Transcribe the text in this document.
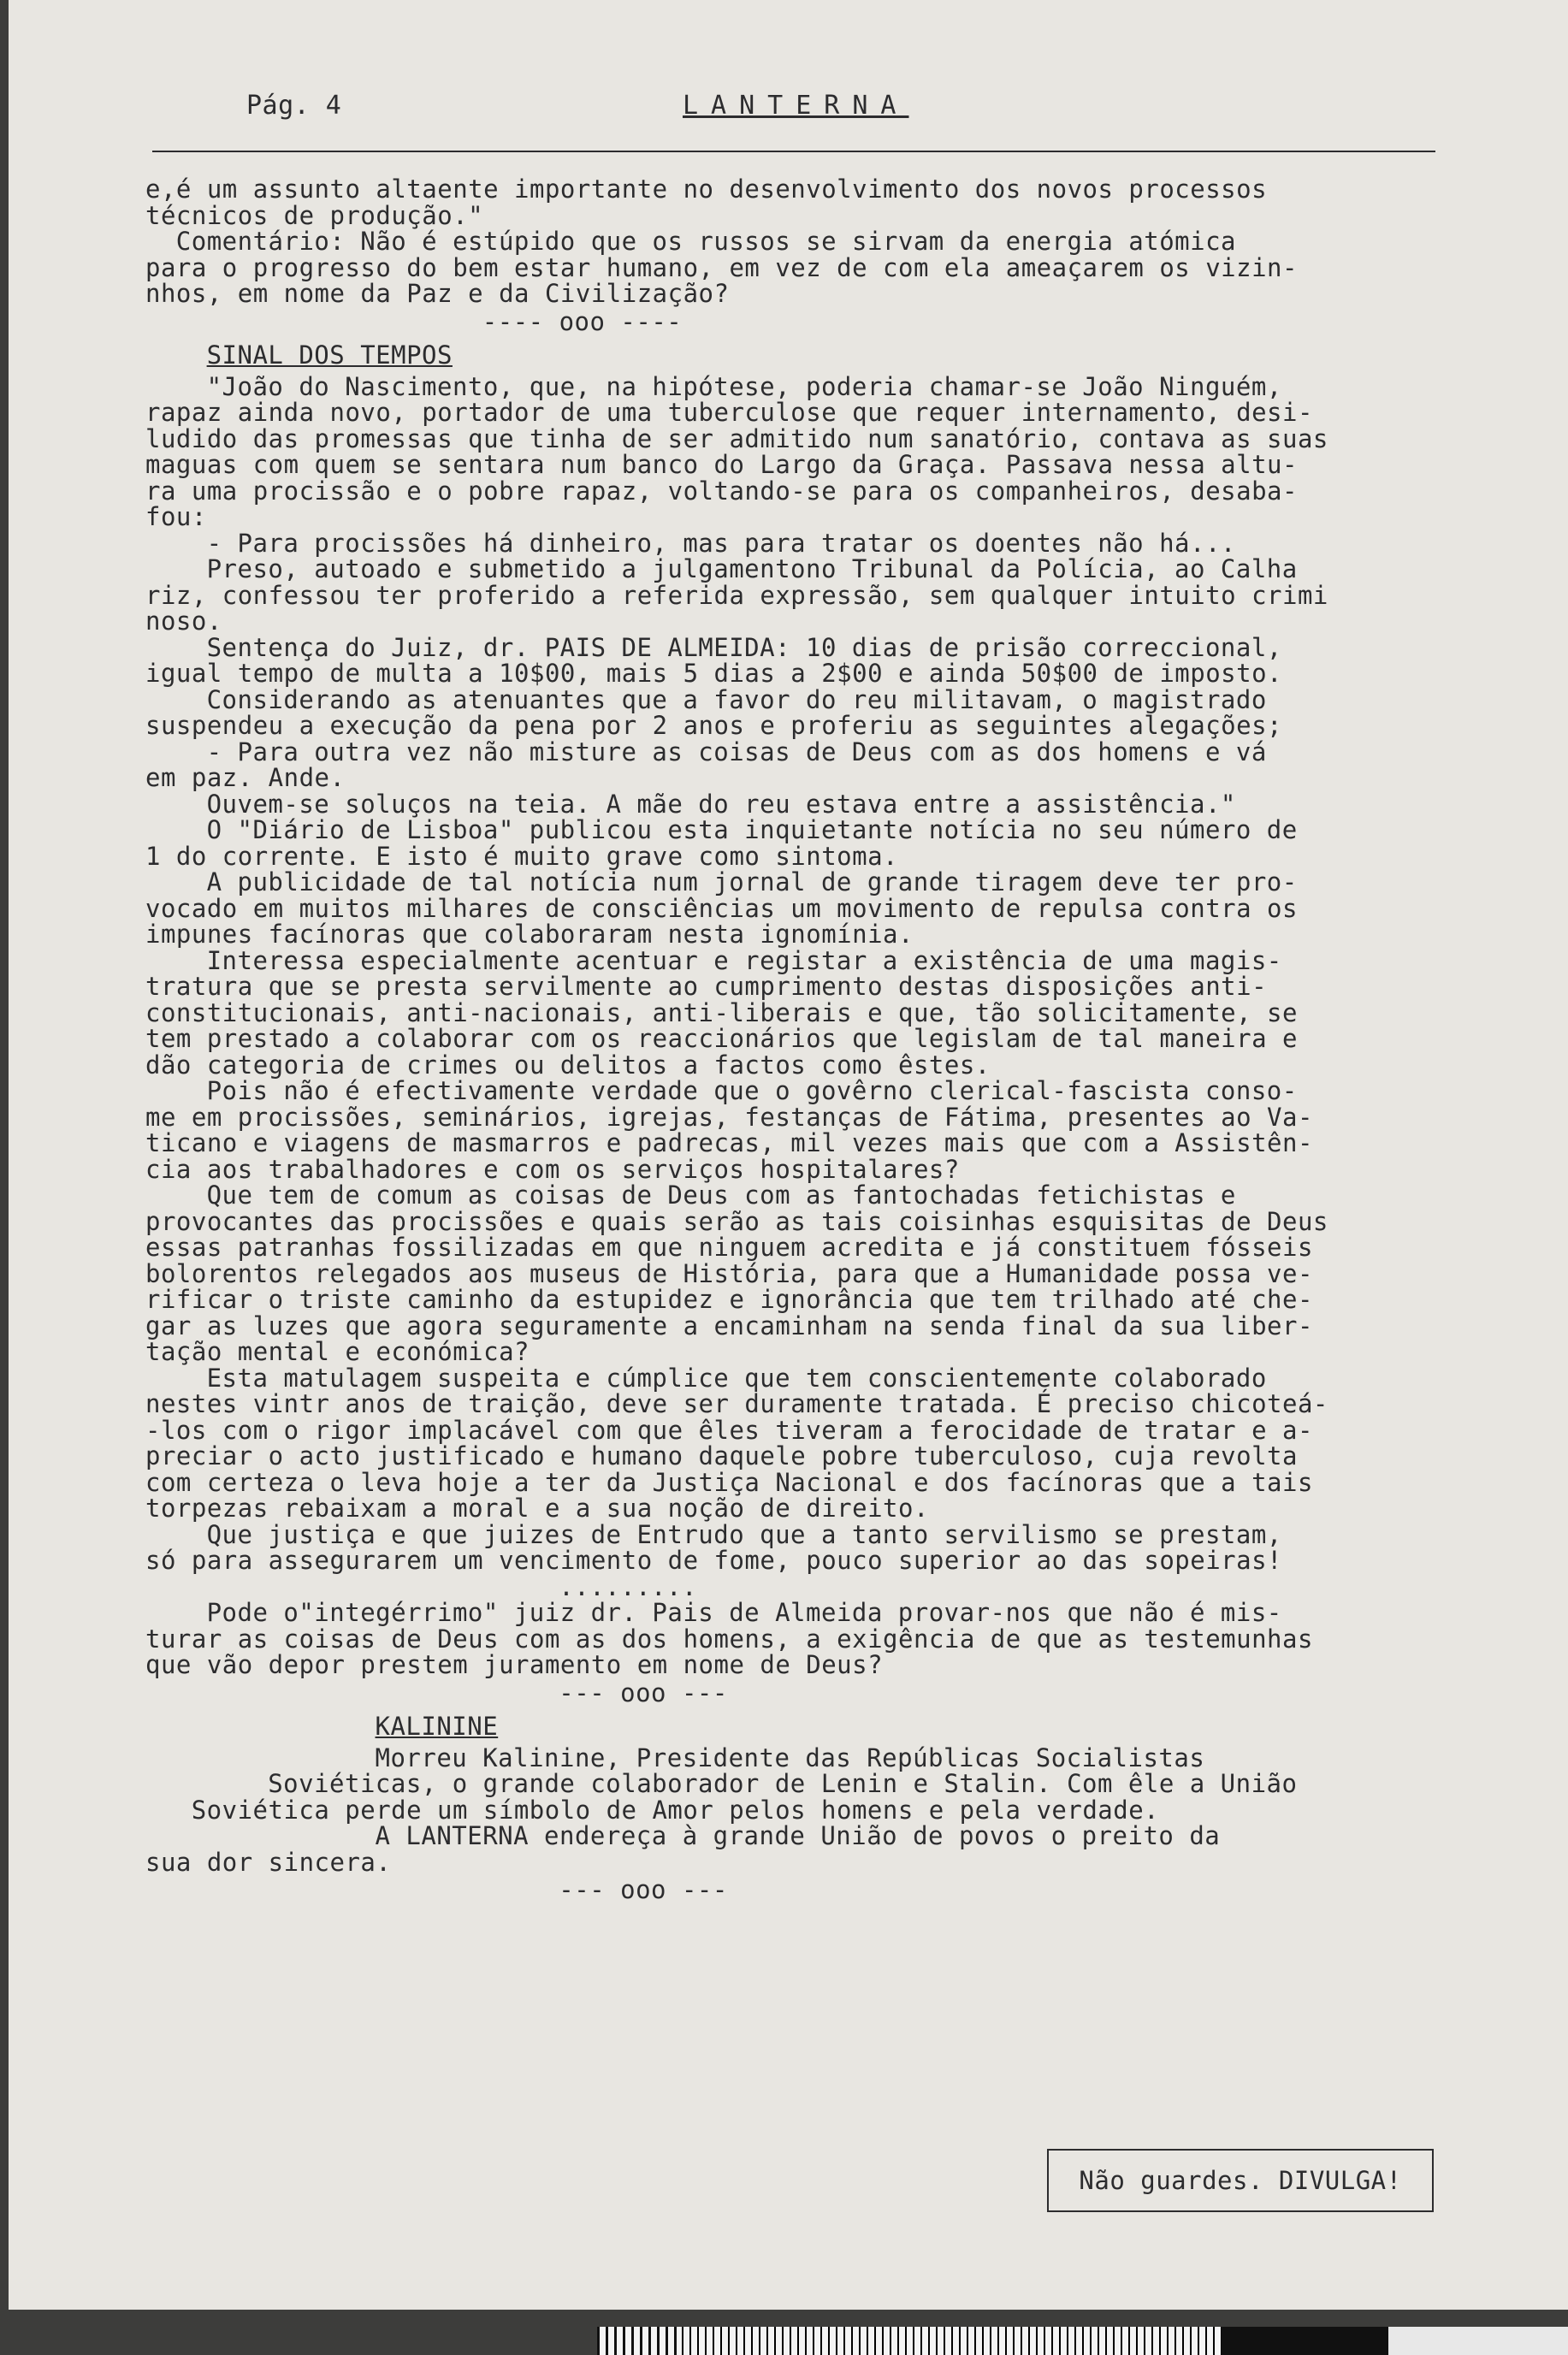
Pág. 4	LANTERNA
e,é um assunto altaente importante no desenvolvimento dos novos processos
técnicos de produção."
Comentário: Não é estúpido que os russos se sirvam da energia atómica
para o progresso do bem estar humano, em vez de com ela ameaçarem os vizin-
nhos, em nome da Paz e da Civilização?
---- ooo ----
SINAL DOS TEMPOS
"João do Nascimento, que, na hipótese, poderia chamar-se João Ninguém,
rapaz ainda novo, portador de uma tuberculose que requer internamento, desi-
ludido das promessas que tinha de ser admitido num sanatório, contava as suas
maguas com quem se sentara num banco do Largo da Graça. Passava nessa altu-
ra uma procissão e o pobre rapaz, voltando-se para os companheiros, desaba-
fou:
- Para procissões há dinheiro, mas para tratar os doentes não há...
Preso, autoado e submetido a julgamentono Tribunal da Polícia, ao Calha
riz, confessou ter proferido a referida expressão, sem qualquer intuito crimi
noso.
Sentença do Juiz, dr. PAIS DE ALMEIDA: 10 dias de prisão correccional,
igual tempo de multa a 10$00, mais 5 dias a 2$00 e ainda 50$00 de imposto.
Considerando as atenuantes que a favor do reu militavam, o magistrado
suspendeu a execução da pena por 2 anos e proferiu as seguintes alegações;
- Para outra vez não misture as coisas de Deus com as dos homens e vá
em paz. Ande.
Ouvem-se soluços na teia. A mãe do reu estava entre a assistência."
O "Diário de Lisboa" publicou esta inquietante notícia no seu número de
1 do corrente. E isto é muito grave como sintoma.
A publicidade de tal notícia num jornal de grande tiragem deve ter pro-
vocado em muitos milhares de consciências um movimento de repulsa contra os
impunes facínoras que colaboraram nesta ignomínia.
Interessa especialmente acentuar e registar a existência de uma magis-
tratura que se presta servilmente ao cumprimento destas disposições anti-
constitucionais, anti-nacionais, anti-liberais e que, tão solicitamente, se
tem prestado a colaborar com os reaccionários que legislam de tal maneira e
dão categoria de crimes ou delitos a factos como êstes.
Pois não é efectivamente verdade que o govêrno clerical-fascista conso-
me em procissões, seminários, igrejas, festanças de Fátima, presentes ao Va-
ticano e viagens de masmarros e padrecas, mil vezes mais que com a Assistên-
cia aos trabalhadores e com os serviços hospitalares?
Que tem de comum as coisas de Deus com as fantochadas fetichistas e
provocantes das procissões e quais serão as tais coisinhas esquisitas de Deus
essas patranhas fossilizadas em que ninguem acredita e já constituem fósseis
bolorentos relegados aos museus de História, para que a Humanidade possa ve-
rificar o triste caminho da estupidez e ignorância que tem trilhado até che-
gar as luzes que agora seguramente a encaminham na senda final da sua liber-
tação mental e económica?
Esta matulagem suspeita e cúmplice que tem conscientemente colaborado
nestes vintr anos de traição, deve ser duramente tratada. É preciso chicoteá-
-los com o rigor implacável com que êles tiveram a ferocidade de tratar e a-
preciar o acto justificado e humano daquele pobre tuberculoso, cuja revolta
com certeza o leva hoje a ter da Justiça Nacional e dos facínoras que a tais
torpezas rebaixam a moral e a sua noção de direito.
Que justiça e que juizes de Entrudo que a tanto servilismo se prestam,
só para assegurarem um vencimento de fome, pouco superior ao das sopeiras!
.........
Pode o"integérrimo" juiz dr. Pais de Almeida provar-nos que não é mis-
turar as coisas de Deus com as dos homens, a exigência de que as testemunhas
que vão depor prestem juramento em nome de Deus?
--- ooo ---
KALININE
Morreu Kalinine, Presidente das Repúblicas Socialistas
Soviéticas, o grande colaborador de Lenin e Stalin. Com êle a União
Soviética perde um símbolo de Amor pelos homens e pela verdade.
A LANTERNA endereça à grande União de povos o preito da
sua dor sincera.
--- ooo ---
Não guardes. DIVULGA!
